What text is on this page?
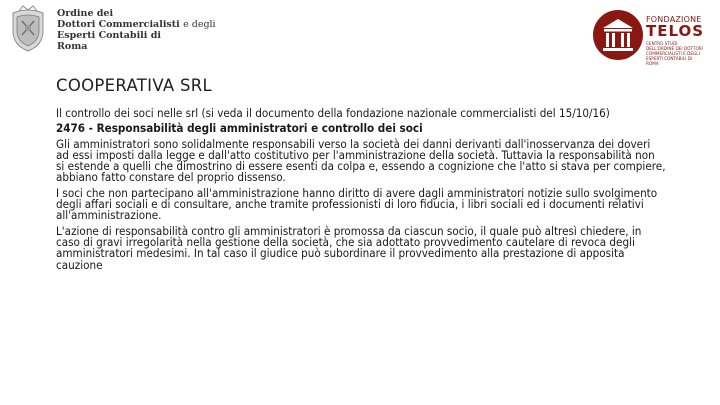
Ordine dei
Dottori Commercialisti e degli
Esperti Contabili di
Roma
FONDAZIONE
TELOS
CENTRO STUDI DELL'ORDINE DEI DOTTORI COMMERCIALISTI E DEGLI ESPERTI CONTABILI DI ROMA
COOPERATIVA SRL

Il controllo dei soci nelle srl (si veda il documento della fondazione nazionale commercialisti del 15/10/16)

2476 - Responsabilità degli amministratori e controllo dei soci

Gli amministratori sono solidalmente responsabili verso la società dei danni derivanti dall'inosservanza dei doveri ad essi imposti dalla legge e dall'atto costitutivo per l'amministrazione della società. Tuttavia la responsabilità non si estende a quelli che dimostrino di essere esenti da colpa e, essendo a cognizione che l'atto si stava per compiere, abbiano fatto constare del proprio dissenso.

I soci che non partecipano all'amministrazione hanno diritto di avere dagli amministratori notizie sullo svolgimento degli affari sociali e di consultare, anche tramite professionisti di loro fiducia, i libri sociali ed i documenti relativi all'amministrazione.

L'azione di responsabilità contro gli amministratori è promossa da ciascun socio, il quale può altresì chiedere, in caso di gravi irregolarità nella gestione della società, che sia adottato provvedimento cautelare di revoca degli amministratori medesimi. In tal caso il giudice può subordinare il provvedimento alla prestazione di apposita cauzione
